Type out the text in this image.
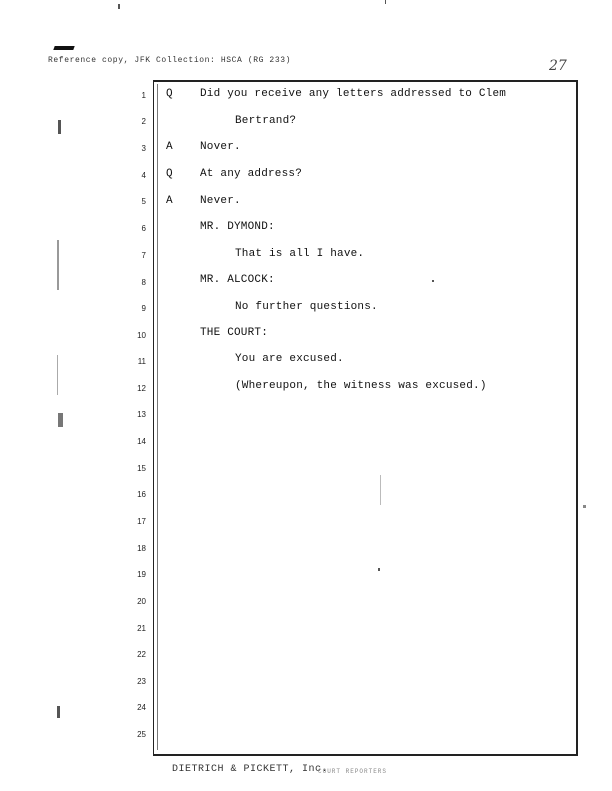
Reference copy, JFK Collection: HSCA (RG 233)	27
1
2
3
4
5
6
7
8
9
10
11
12
13
14
15
16
17
18
19
20
21
22
23
24
25
Q Did you receive any letters addressed to Clem
Bertrand?
A Nover.
Q At any address?
A Never.
MR. DYMOND:
That is all I have.
MR. ALCOCK:
No further questions.
THE COURT:
You are excused.
(Whereupon, the witness was excused.)
DIETRICH & PICKETT, Inc.
COURT REPORTERS
